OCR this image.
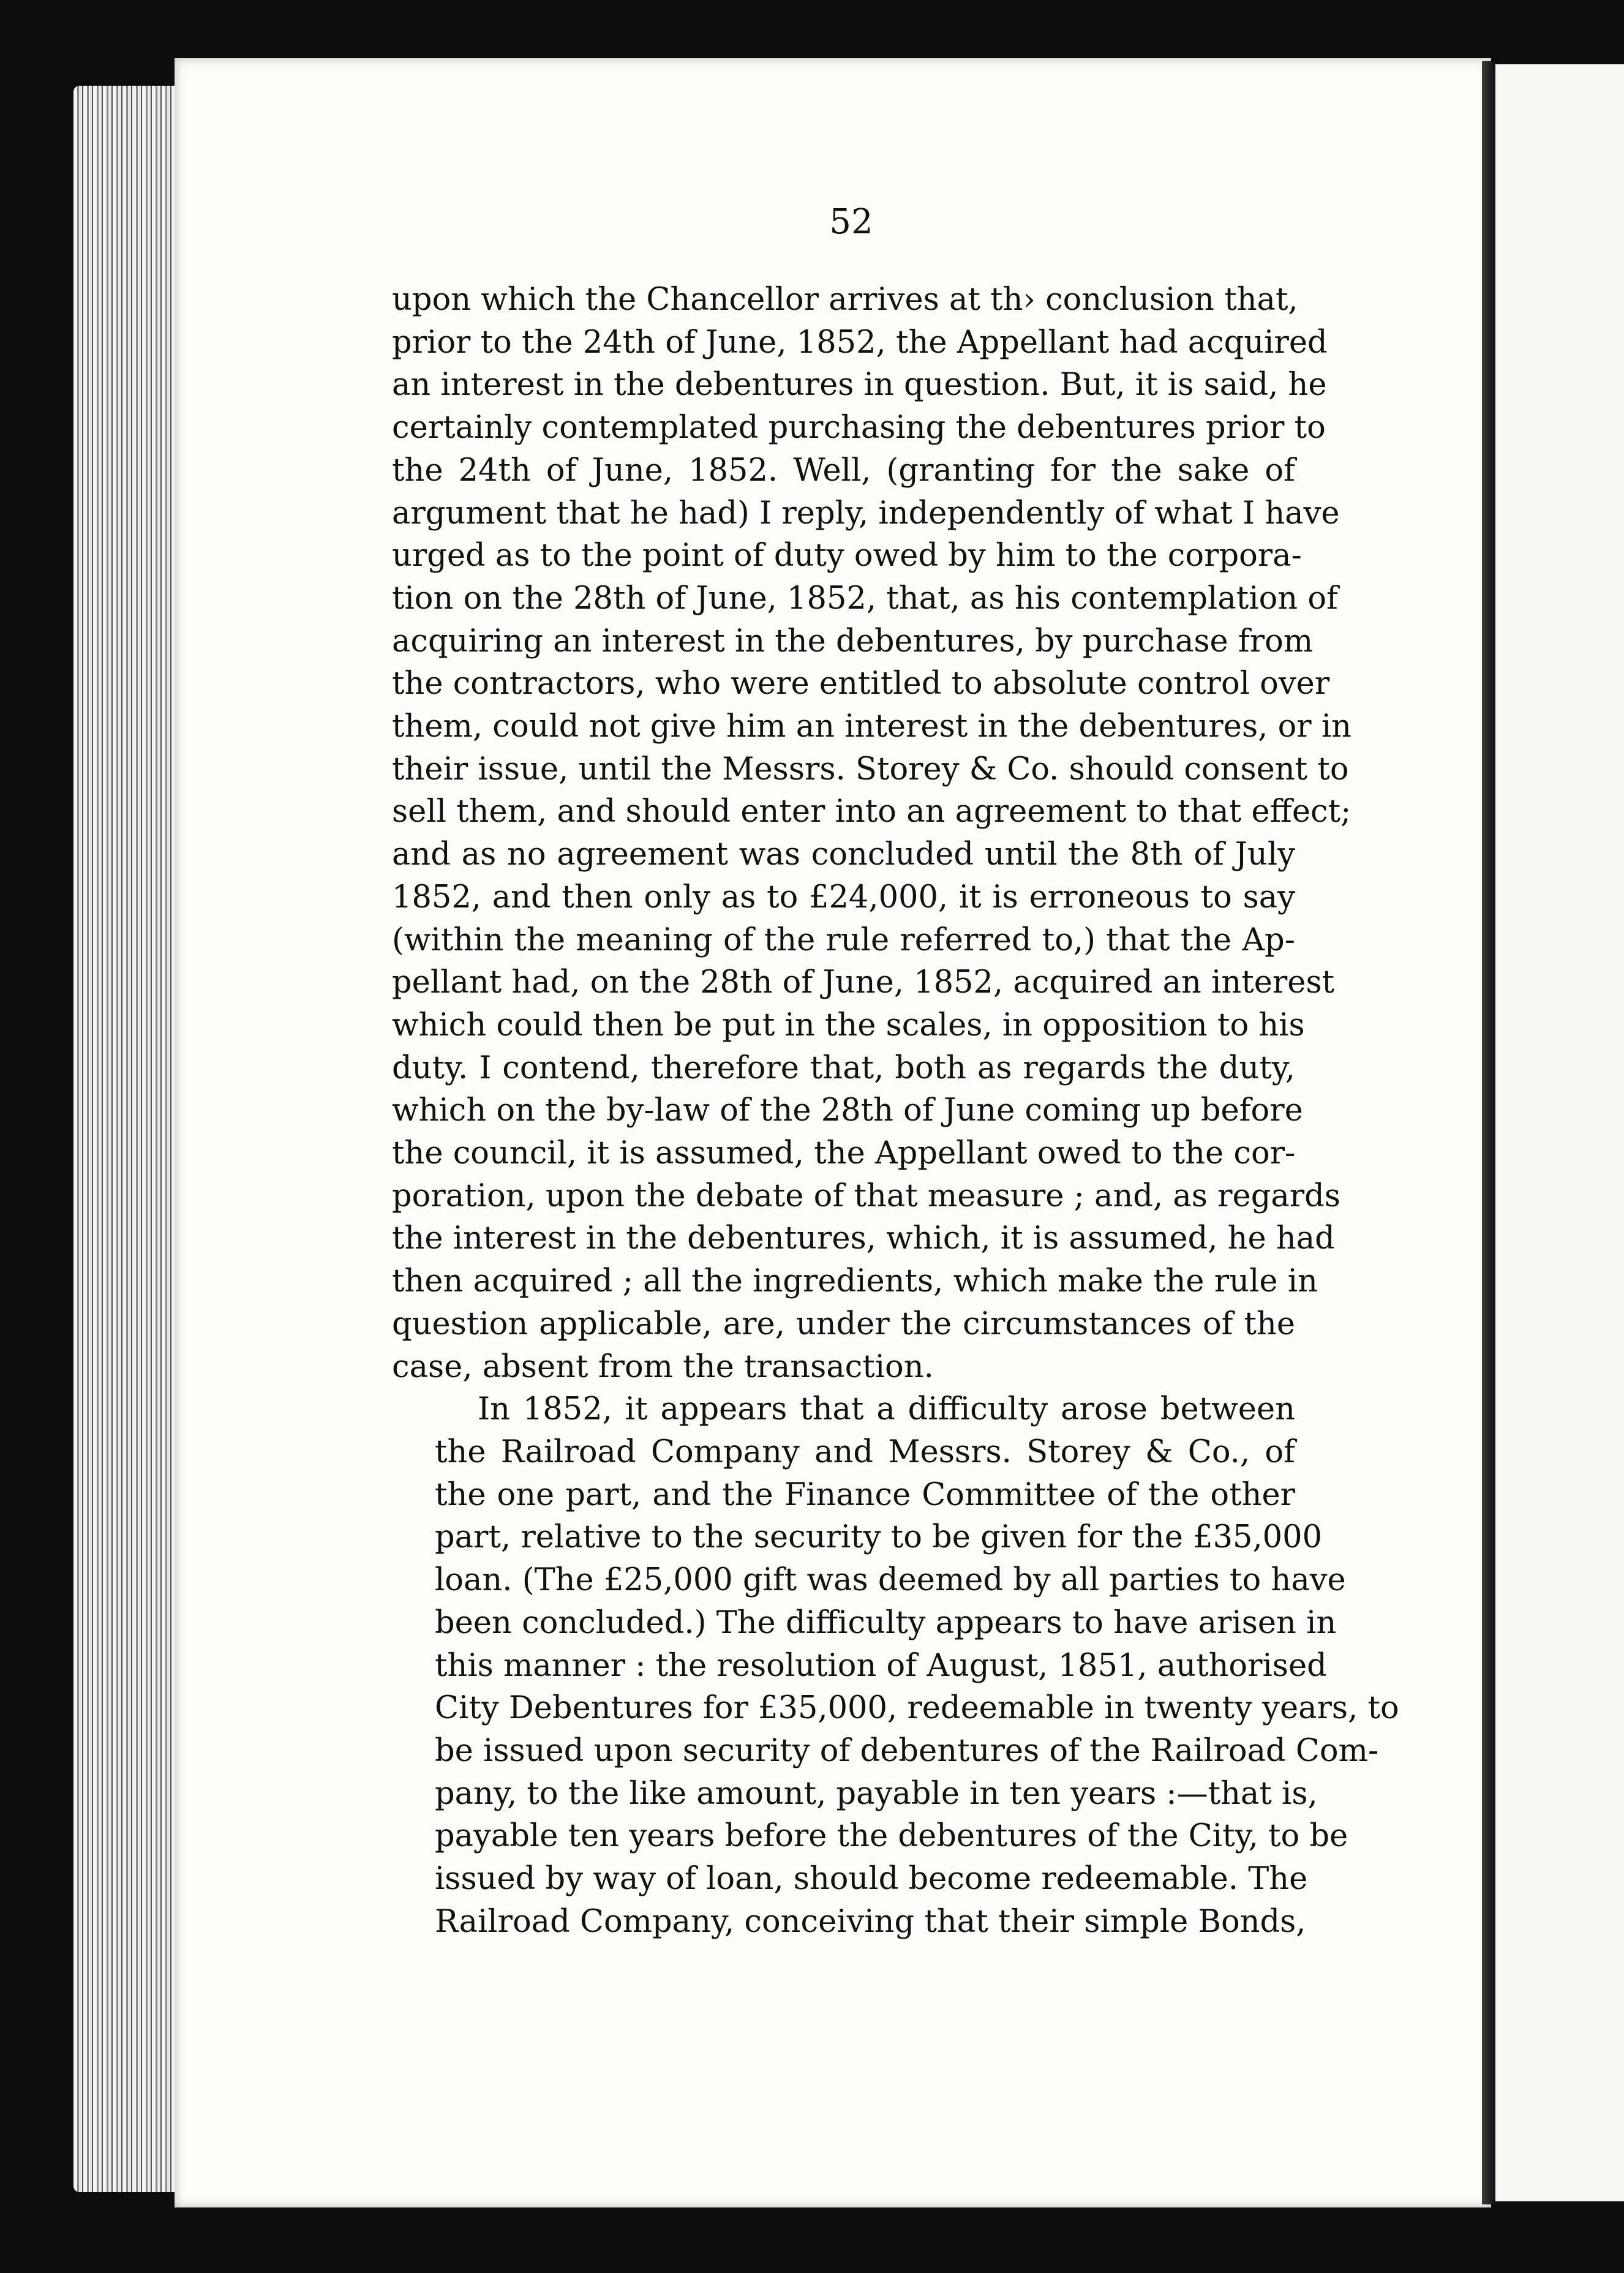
52

upon which the Chancellor arrives at th› conclusion that,
prior to the 24th of June, 1852, the Appellant had acquired
an interest in the debentures in question. But, it is said, he
certainly contemplated purchasing the debentures prior to
the 24th of June, 1852. Well, (granting for the sake of
argument that he had) I reply, independently of what I have
urged as to the point of duty owed by him to the corpora-
tion on the 28th of June, 1852, that, as his contemplation of
acquiring an interest in the debentures, by purchase from
the contractors, who were entitled to absolute control over
them, could not give him an interest in the debentures, or in
their issue, until the Messrs. Storey & Co. should consent to
sell them, and should enter into an agreement to that effect;
and as no agreement was concluded until the 8th of July
1852, and then only as to £24,000, it is erroneous to say
(within the meaning of the rule referred to,) that the Ap-
pellant had, on the 28th of June, 1852, acquired an interest
which could then be put in the scales, in opposition to his
duty. I contend, therefore that, both as regards the duty,
which on the by-law of the 28th of June coming up before
the council, it is assumed, the Appellant owed to the cor-
poration, upon the debate of that measure ; and, as regards
the interest in the debentures, which, it is assumed, he had
then acquired ; all the ingredients, which make the rule in
question applicable, are, under the circumstances of the
case, absent from the transaction.

In 1852, it appears that a difficulty arose between
the Railroad Company and Messrs. Storey & Co., of
the one part, and the Finance Committee of the other
part, relative to the security to be given for the £35,000
loan. (The £25,000 gift was deemed by all parties to have
been concluded.) The difficulty appears to have arisen in
this manner : the resolution of August, 1851, authorised
City Debentures for £35,000, redeemable in twenty years, to
be issued upon security of debentures of the Railroad Com-
pany, to the like amount, payable in ten years :—that is,
payable ten years before the debentures of the City, to be
issued by way of loan, should become redeemable. The
Railroad Company, conceiving that their simple Bonds,
